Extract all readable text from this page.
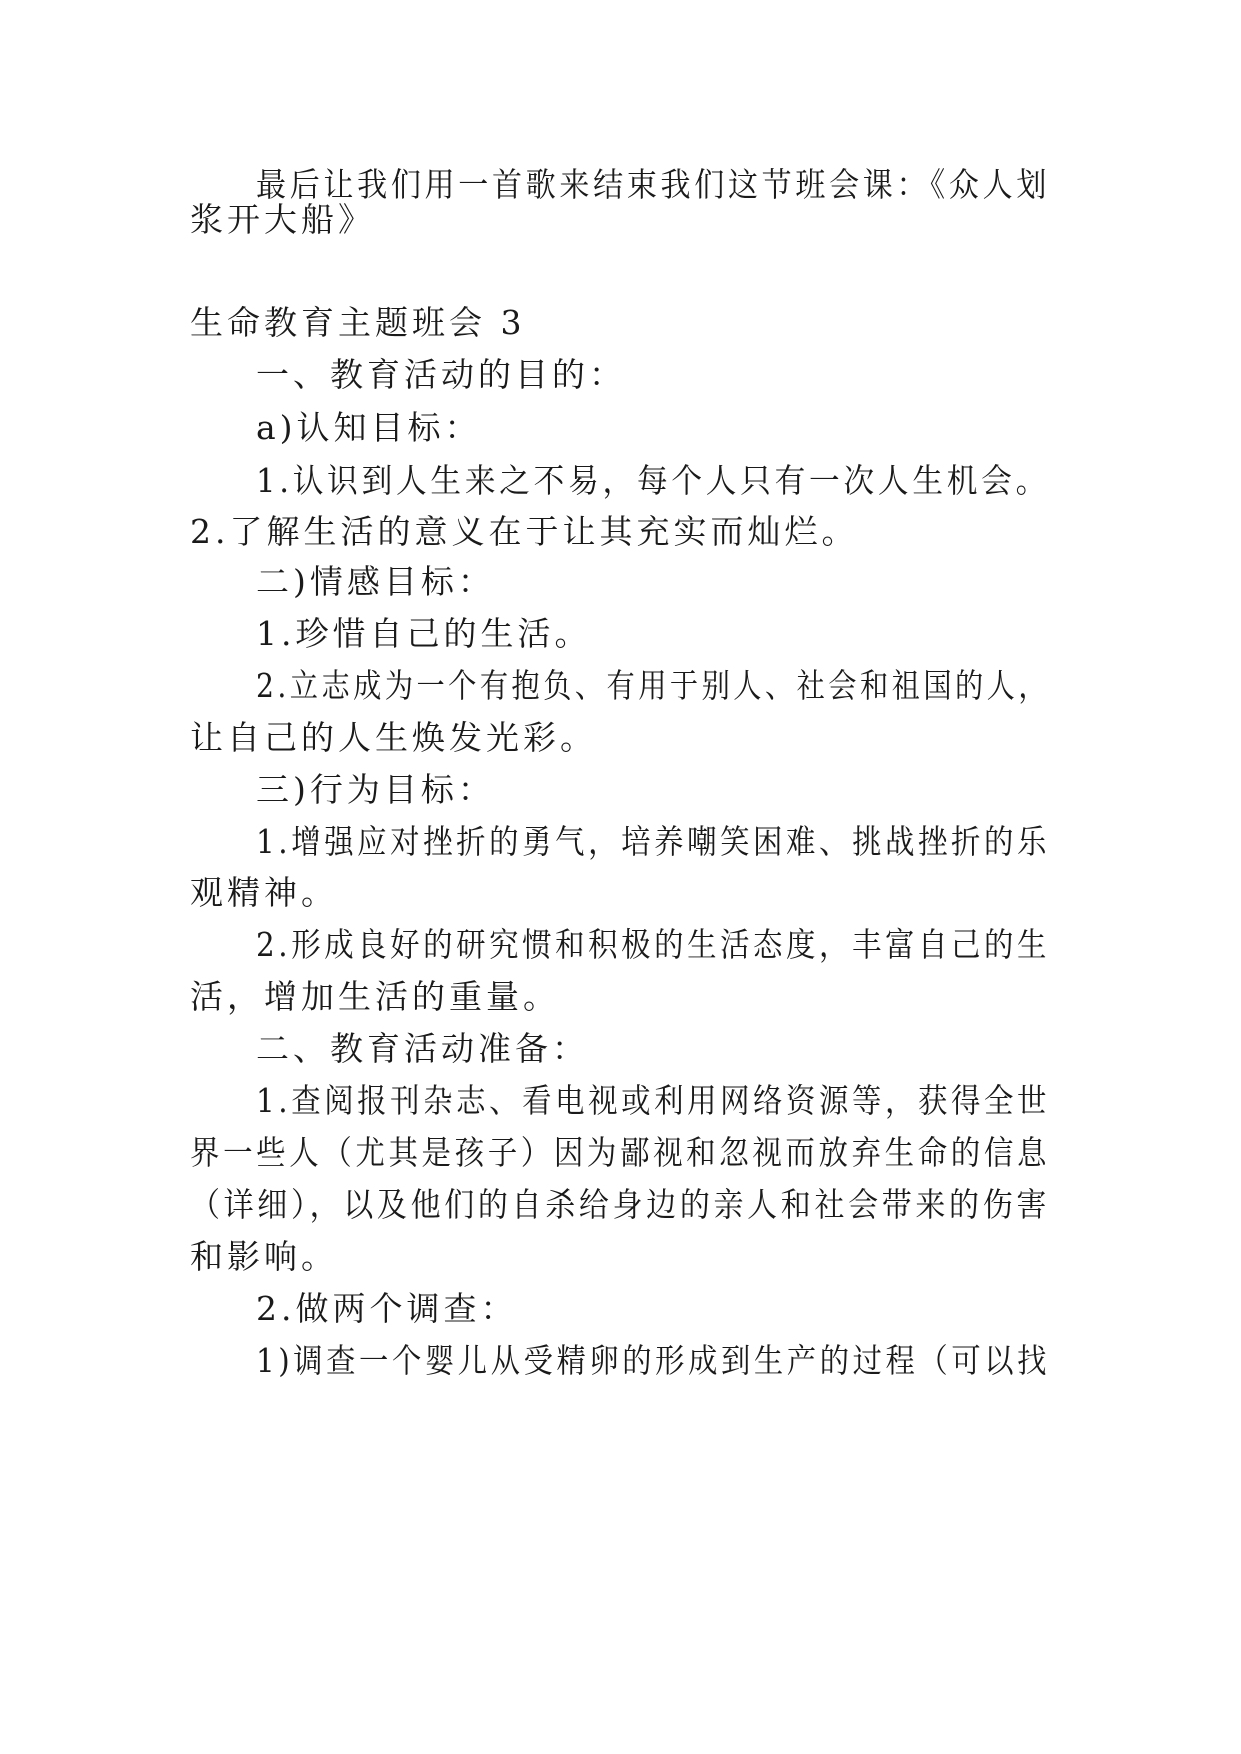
最后让我们用一首歌来结束我们这节班会课：《众人划
浆开大船》
生命教育主题班会 3
一、教育活动的目的：
a)认知目标：
1.认识到人生来之不易，每个人只有一次人生机会。
2.了解生活的意义在于让其充实而灿烂。
二)情感目标：
1.珍惜自己的生活。
2.立志成为一个有抱负、有用于别人、社会和祖国的人，
让自己的人生焕发光彩。
三)行为目标：
1.增强应对挫折的勇气，培养嘲笑困难、挑战挫折的乐
观精神。
2.形成良好的研究惯和积极的生活态度，丰富自己的生
活，增加生活的重量。
二、教育活动准备：
1.查阅报刊杂志、看电视或利用网络资源等，获得全世
界一些人（尤其是孩子）因为鄙视和忽视而放弃生命的信息
（详细），以及他们的自杀给身边的亲人和社会带来的伤害
和影响。
2.做两个调查：
1)调查一个婴儿从受精卵的形成到生产的过程（可以找
